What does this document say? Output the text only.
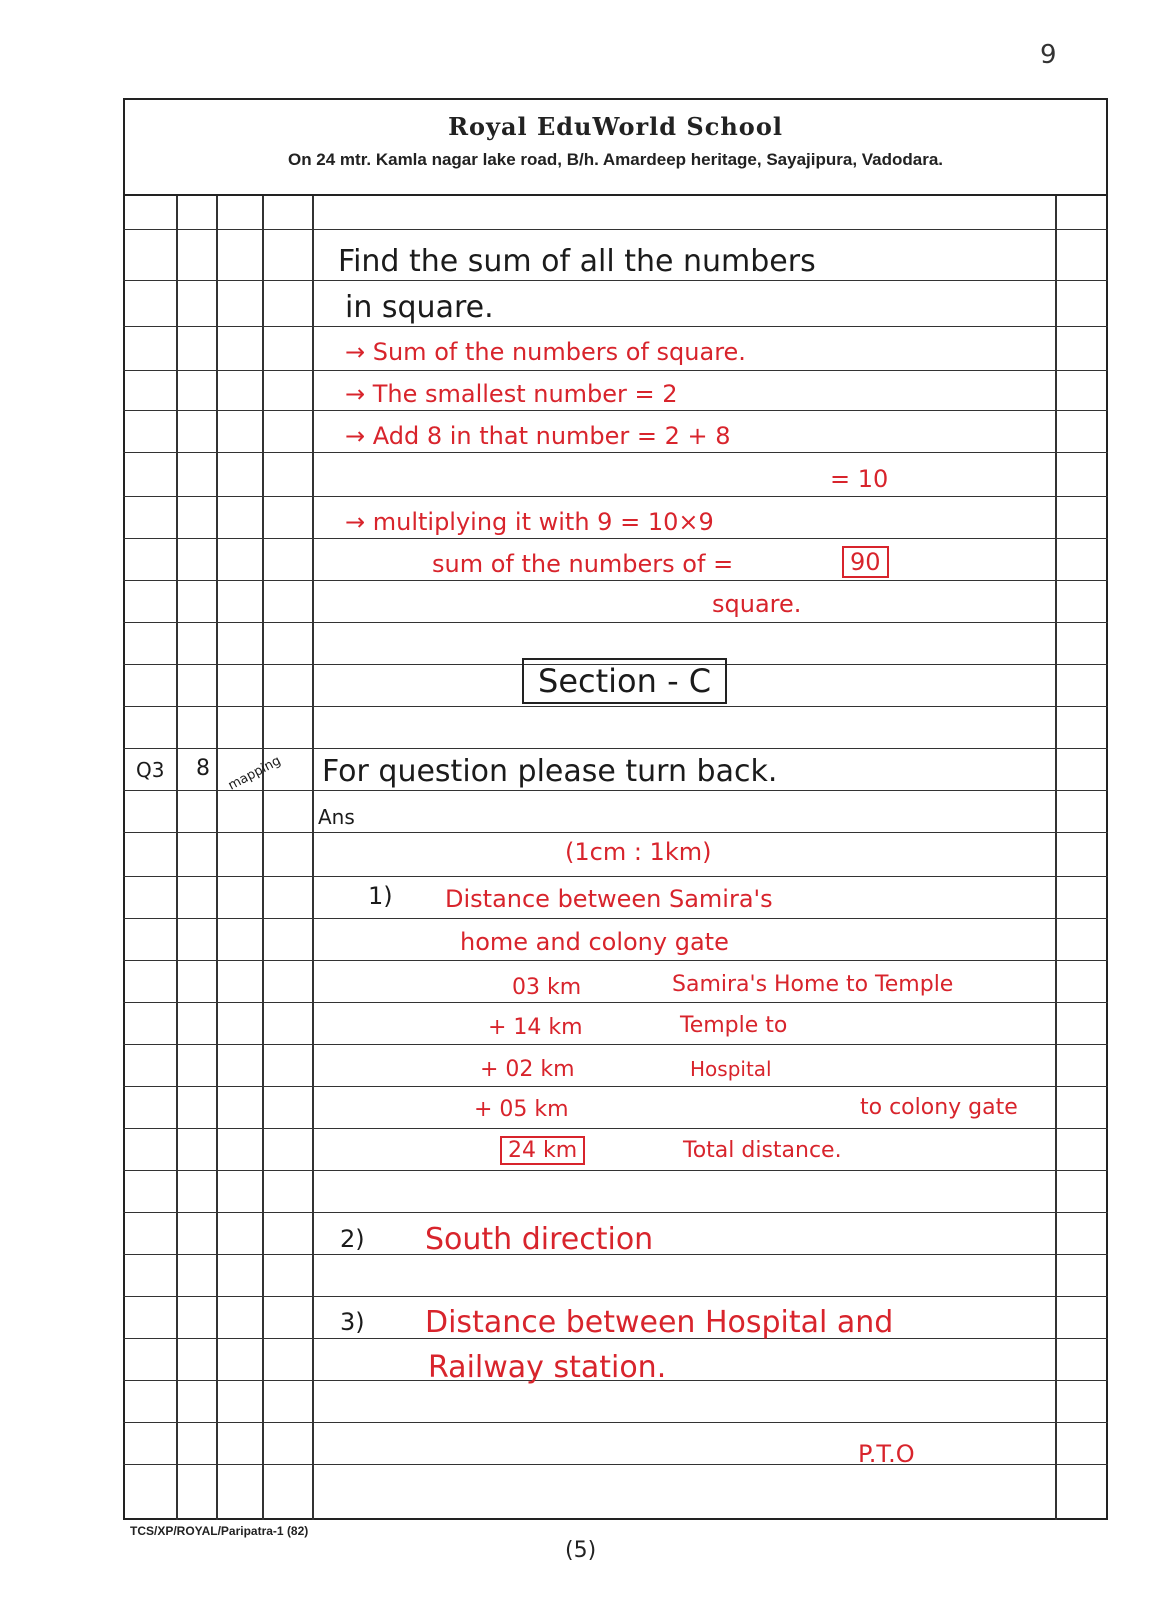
9
Royal EduWorld School
On 24 mtr. Kamla nagar lake road, B/h. Amardeep heritage, Sayajipura, Vadodara.
Find the sum of all the numbers
in square.
→ Sum of the numbers of square.
→ The smallest number = 2
→ Add 8 in that number = 2 + 8
= 10
→ multiplying it with 9 = 10×9
sum of the numbers of =	90
square.
Section - C
Q3 8 mapping For question please turn back.
Ans
(1cm : 1km)
1) Distance between Samira's
home and colony gate
03 km	Samira's Home to Temple
+ 14 km	Temple to
+ 02 km	Hospital
+ 05 km	to colony gate
24 km	Total distance.
2) South direction
3) Distance between Hospital and
Railway station.
P.T.O
TCS/XP/ROYAL/Paripatra-1 (82)
(5)
